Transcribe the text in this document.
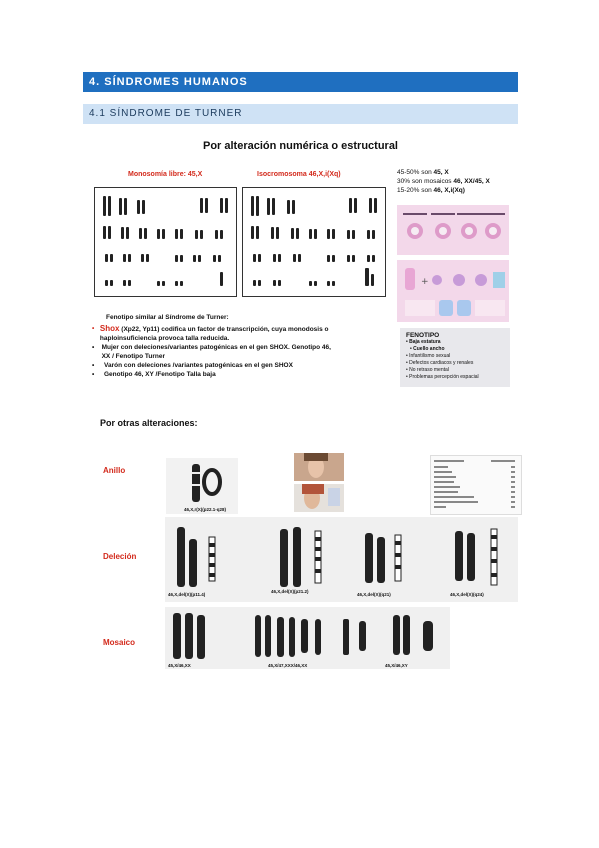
4. SÍNDROMES HUMANOS
4.1 SÍNDROME DE TURNER
Por alteración numérica o estructural
Monosomía libre: 45,X	Isocromosoma 46,X,i(Xq)	45-50% son 45, X
30% son mosaicos 46, XX/45, X
15-20% son 46, X,i(Xq)
+
Fenotipo similar al Síndrome de Turner:
• Shox (Xp22, Yp11) codifica un factor de transcripción, cuya monodosis o haploinsuficiencia provoca talla reducida.
•	Mujer con deleciones/variantes patogénicas en el gen SHOX. Genotipo 46, XX / Fenotipo Turner
•	Varón con deleciones /variantes patogénicas en el gen SHOX
•	Genotipo 46, XY /Fenotipo Talla baja
FENOTIPO
• Baja estatura
• Cuello ancho
• Infantilismo sexual
• Defectos cardiacos y renales
• No retraso mental
• Problemas percepción espacial
Por otras alteraciones:
Anillo
Deleción
Mosaico
46,X,r(X)(p22.1-q28)
46,X,del(X)(p11.4)
46,X,del(X)(p21.2)
46,X,del(X)(q21)	46,X,del(X)(q24)
45,X/46,XX	45,X/47,XXX/46,XX	45,X/46,XY
